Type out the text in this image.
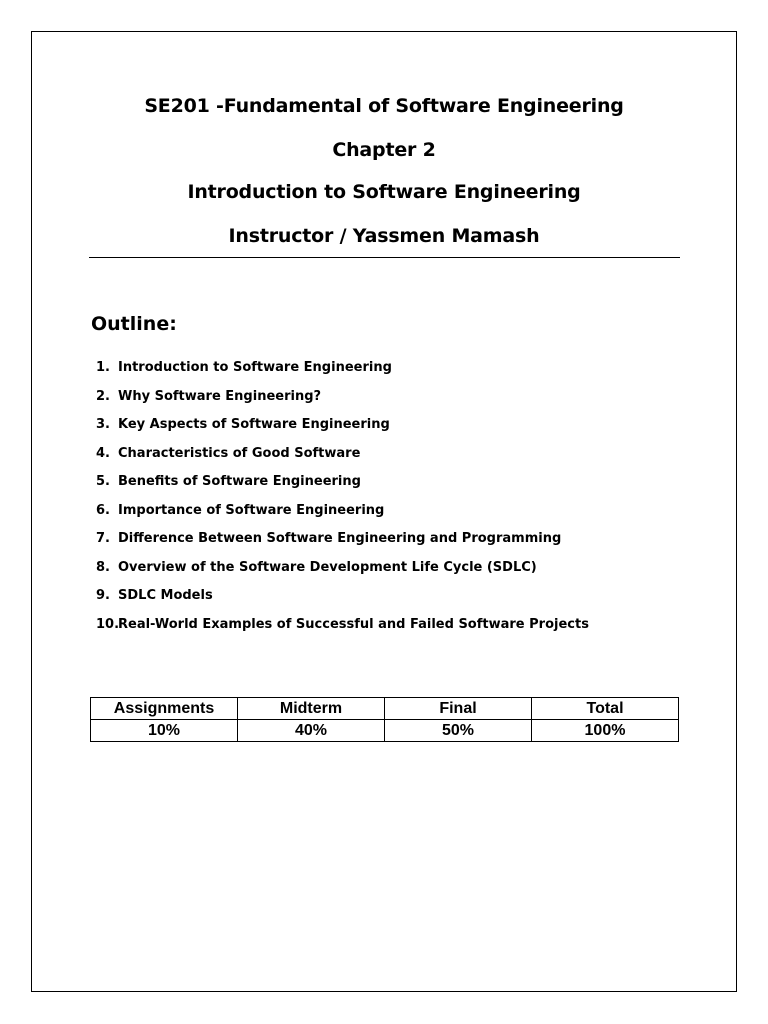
SE201 -Fundamental of Software Engineering
Chapter 2
Introduction to Software Engineering
Instructor / Yassmen Mamash
Outline:
1. Introduction to Software Engineering
2. Why Software Engineering?
3. Key Aspects of Software Engineering
4. Characteristics of Good Software
5. Benefits of Software Engineering
6. Importance of Software Engineering
7. Difference Between Software Engineering and Programming
8. Overview of the Software Development Life Cycle (SDLC)
9. SDLC Models
10.
Real-World Examples of Successful and Failed Software Projects
Assignments	Midterm	Final	Total
10%	40%	50%	100%
